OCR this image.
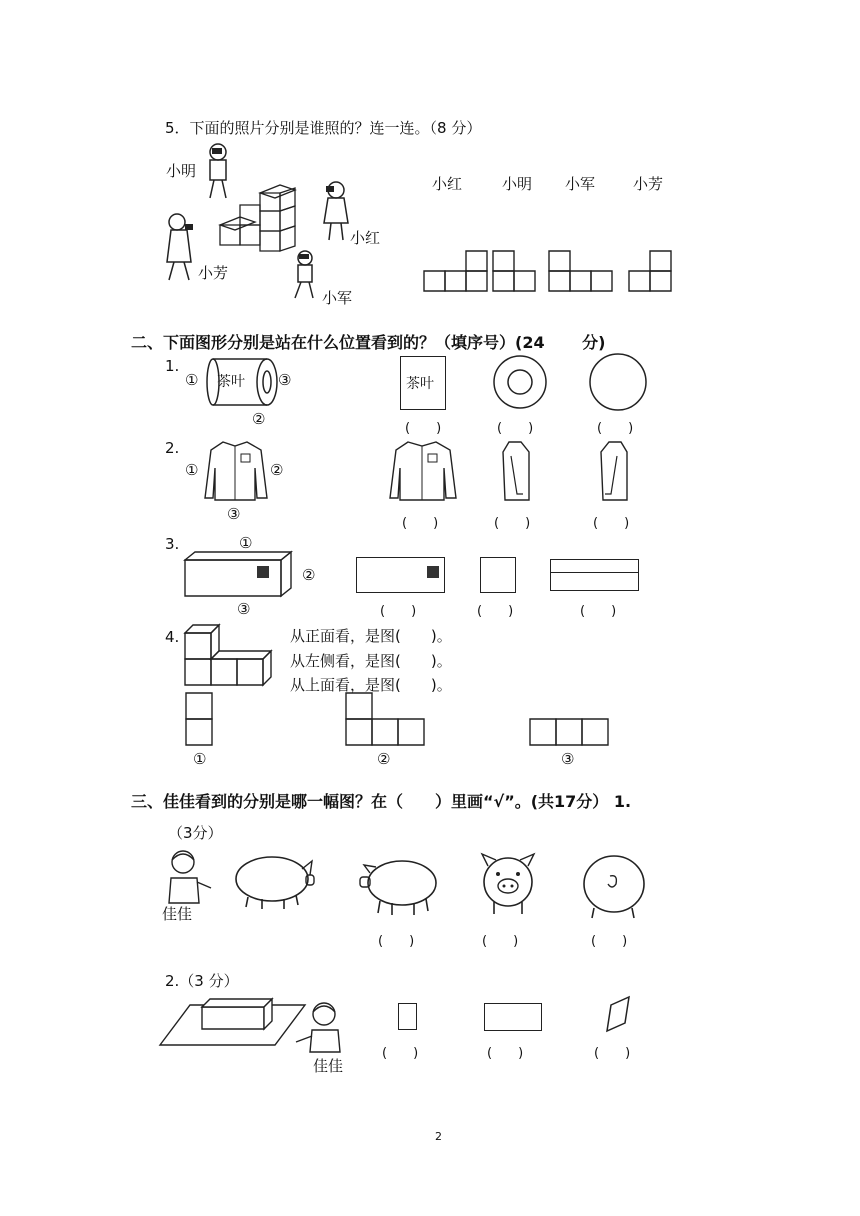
5．下面的照片分别是谁照的？连一连。（8 分）
小明
小红
小芳
小军
小红	小明 小军	小芳
二、下面图形分别是站在什么位置看到的？（填序号）(24　　 分)
1.
① 茶叶 ③
②
茶叶
(　　)	(　　)	(　　)
2.
①	②
③
(　　)	(　　)	(　　)
3.	①
②
③	(　　)	(　　)	(　　)
4.	从正面看，是图(　　)。
从左侧看，是图(　　)。
从上面看，是图(　　)。
①	②	③
三、佳佳看到的分别是哪一幅图？在（　　）里画“√”。(共17分） 1.
（3分）
佳佳
(　　)	(　　)	(　　)
2.（3 分）
佳佳
(　　)	(　　)	(　　)
2
